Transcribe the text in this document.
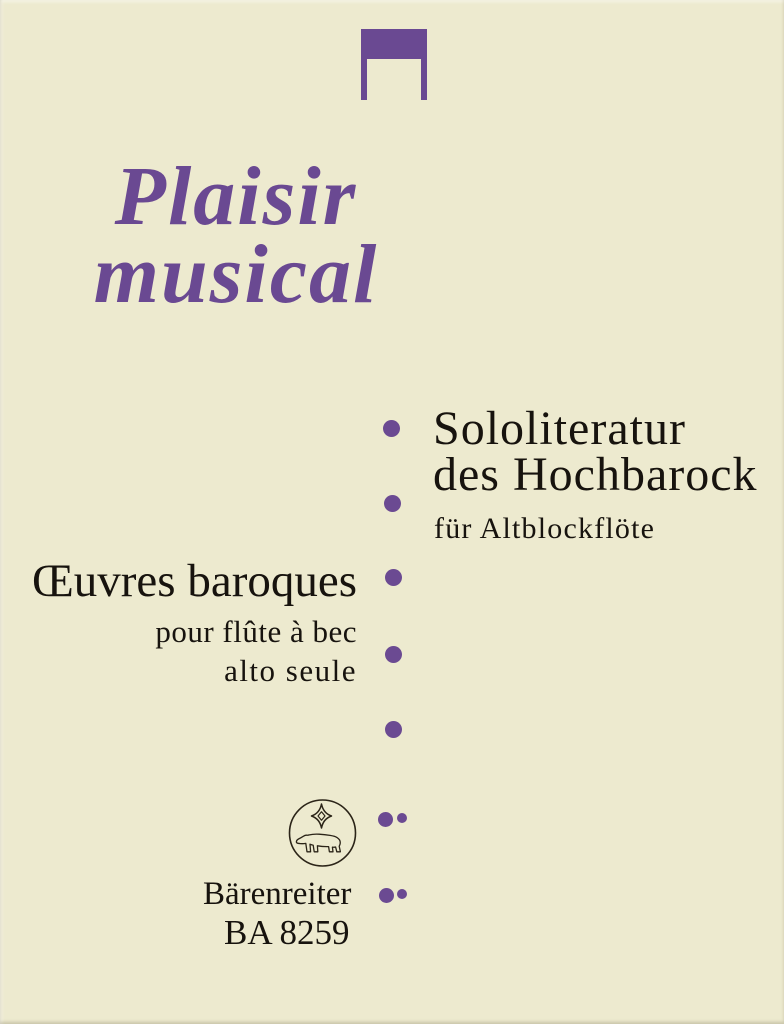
Plaisir
musical
Sololiteratur
des Hochbarock
für Altblockflöte
Œuvres baroques
pour flûte à bec
alto seule
Bärenreiter
BA 8259
